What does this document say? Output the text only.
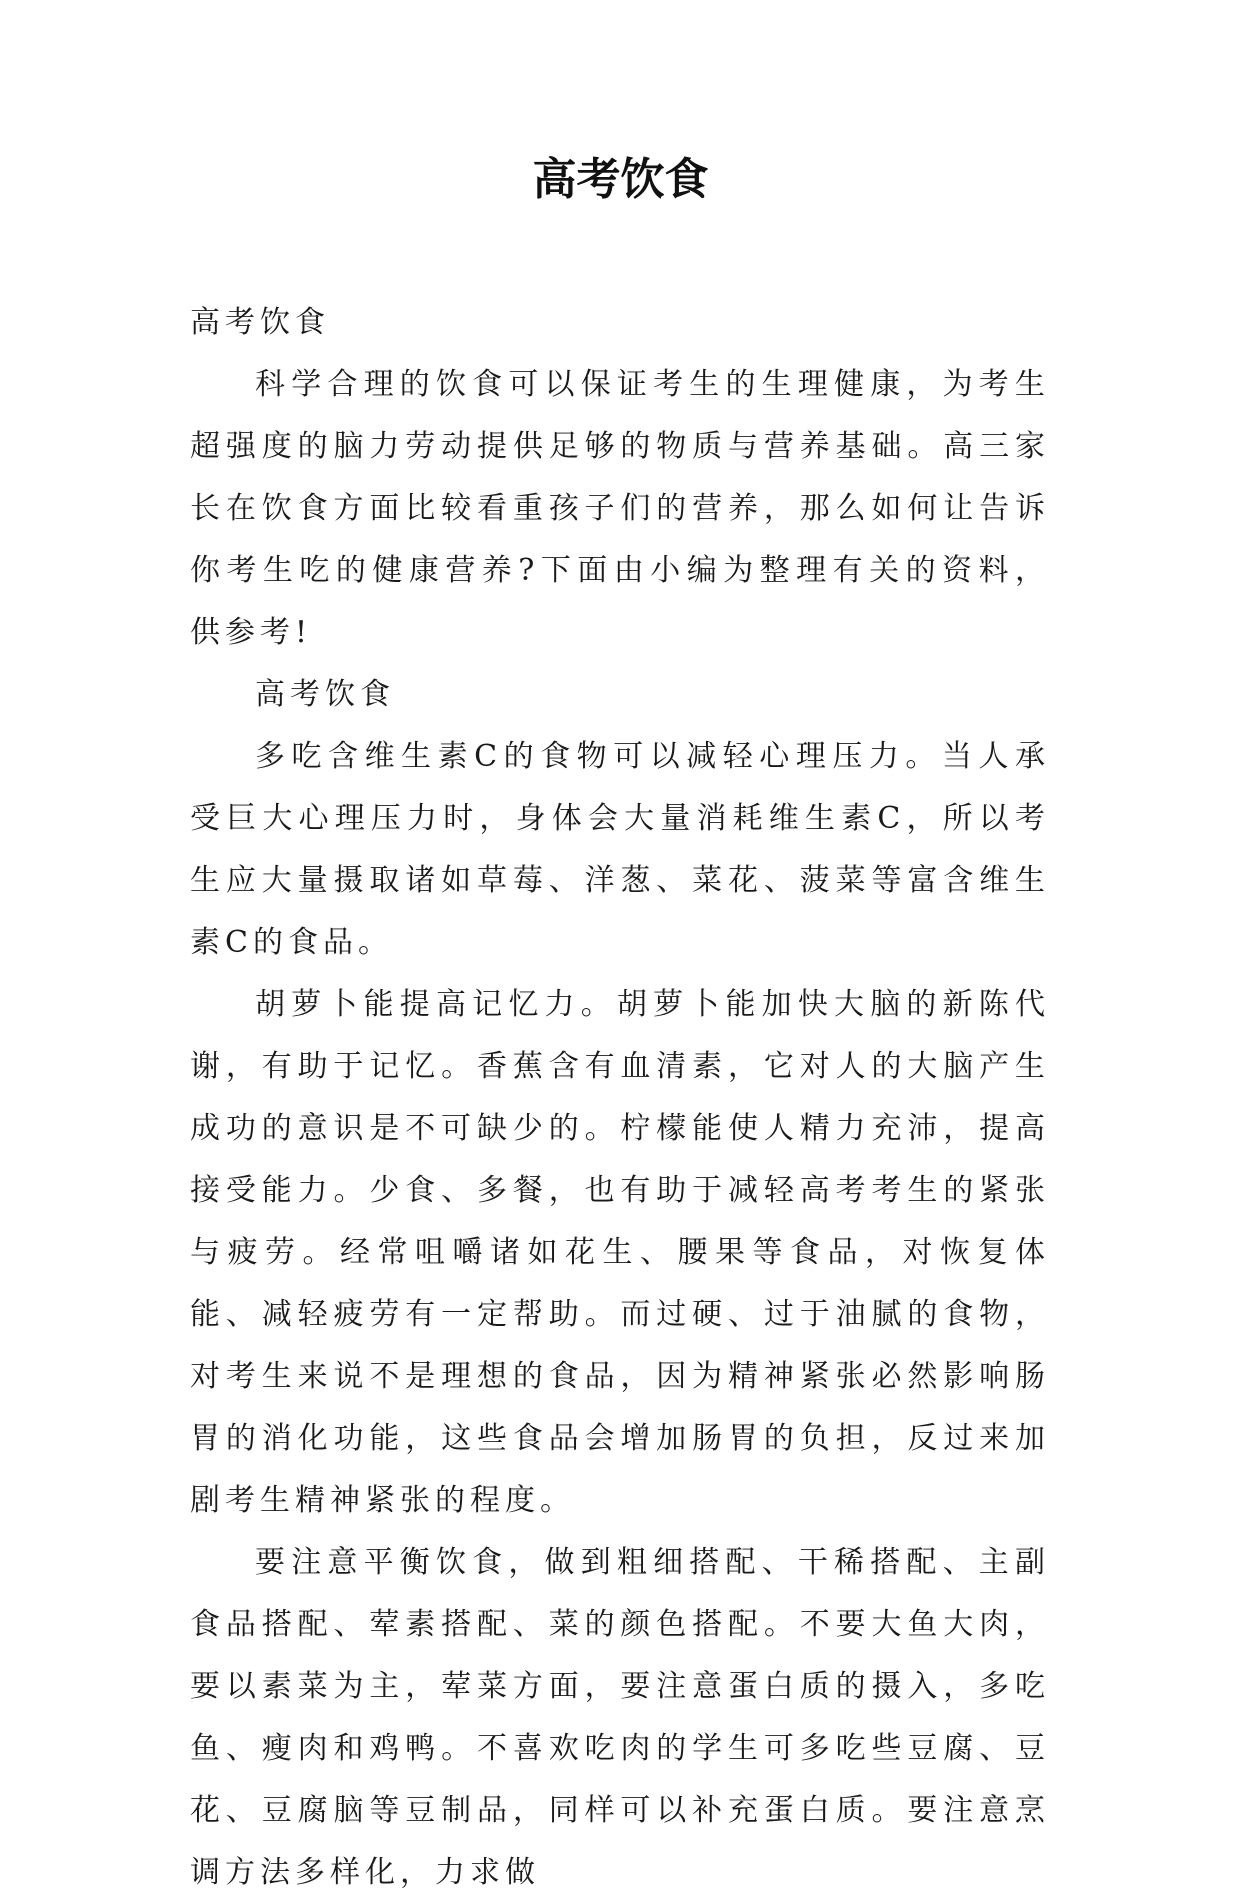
高考饮食

高考饮食

科学合理的饮食可以保证考生的生理健康，为考生超强度的脑力劳动提供足够的物质与营养基础。高三家长在饮食方面比较看重孩子们的营养，那么如何让告诉你考生吃的健康营养?下面由小编为整理有关的资料，供参考!

高考饮食

多吃含维生素C的食物可以减轻心理压力。当人承受巨大心理压力时，身体会大量消耗维生素C，所以考生应大量摄取诸如草莓、洋葱、菜花、菠菜等富含维生素C的食品。

胡萝卜能提高记忆力。胡萝卜能加快大脑的新陈代谢，有助于记忆。香蕉含有血清素，它对人的大脑产生成功的意识是不可缺少的。柠檬能使人精力充沛，提高接受能力。少食、多餐，也有助于减轻高考考生的紧张与疲劳。经常咀嚼诸如花生、腰果等食品，对恢复体能、减轻疲劳有一定帮助。而过硬、过于油腻的食物，对考生来说不是理想的食品，因为精神紧张必然影响肠胃的消化功能，这些食品会增加肠胃的负担，反过来加剧考生精神紧张的程度。

要注意平衡饮食，做到粗细搭配、干稀搭配、主副食品搭配、荤素搭配、菜的颜色搭配。不要大鱼大肉，要以素菜为主，荤菜方面，要注意蛋白质的摄入，多吃鱼、瘦肉和鸡鸭。不喜欢吃肉的学生可多吃些豆腐、豆花、豆腐脑等豆制品，同样可以补充蛋白质。要注意烹调方法多样化，力求做
